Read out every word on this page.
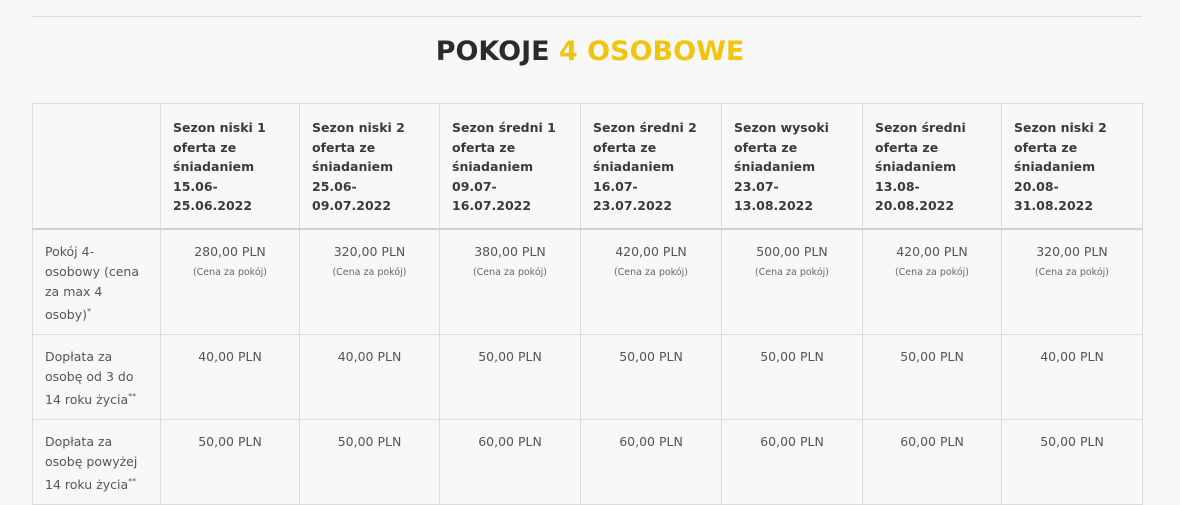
POKOJE 4 OSOBOWE
	Sezon niski 1
oferta ze
śniadaniem
15.06-25.06.2022	Sezon niski 2
oferta ze
śniadaniem
25.06-09.07.2022	Sezon średni 1
oferta ze
śniadaniem
09.07-16.07.2022	Sezon średni 2
oferta ze
śniadaniem
16.07-23.07.2022	Sezon wysoki
oferta ze
śniadaniem
23.07-13.08.2022	Sezon średni
oferta ze
śniadaniem
13.08-20.08.2022	Sezon niski 2
oferta ze
śniadaniem
20.08-31.08.2022
Pokój 4-
osobowy (cena
za max 4
osoby)*	280,00 PLN
(Cena za pokój)	320,00 PLN
(Cena za pokój)	380,00 PLN
(Cena za pokój)	420,00 PLN
(Cena za pokój)	500,00 PLN
(Cena za pokój)	420,00 PLN
(Cena za pokój)	320,00 PLN
(Cena za pokój)

Dopłata za
osobę od 3 do
14 roku życia**	40,00 PLN	40,00 PLN	50,00 PLN	50,00 PLN	50,00 PLN	50,00 PLN	40,00 PLN

Dopłata za
osobę powyżej
14 roku życia**	50,00 PLN	50,00 PLN	60,00 PLN	60,00 PLN	60,00 PLN	60,00 PLN	50,00 PLN
